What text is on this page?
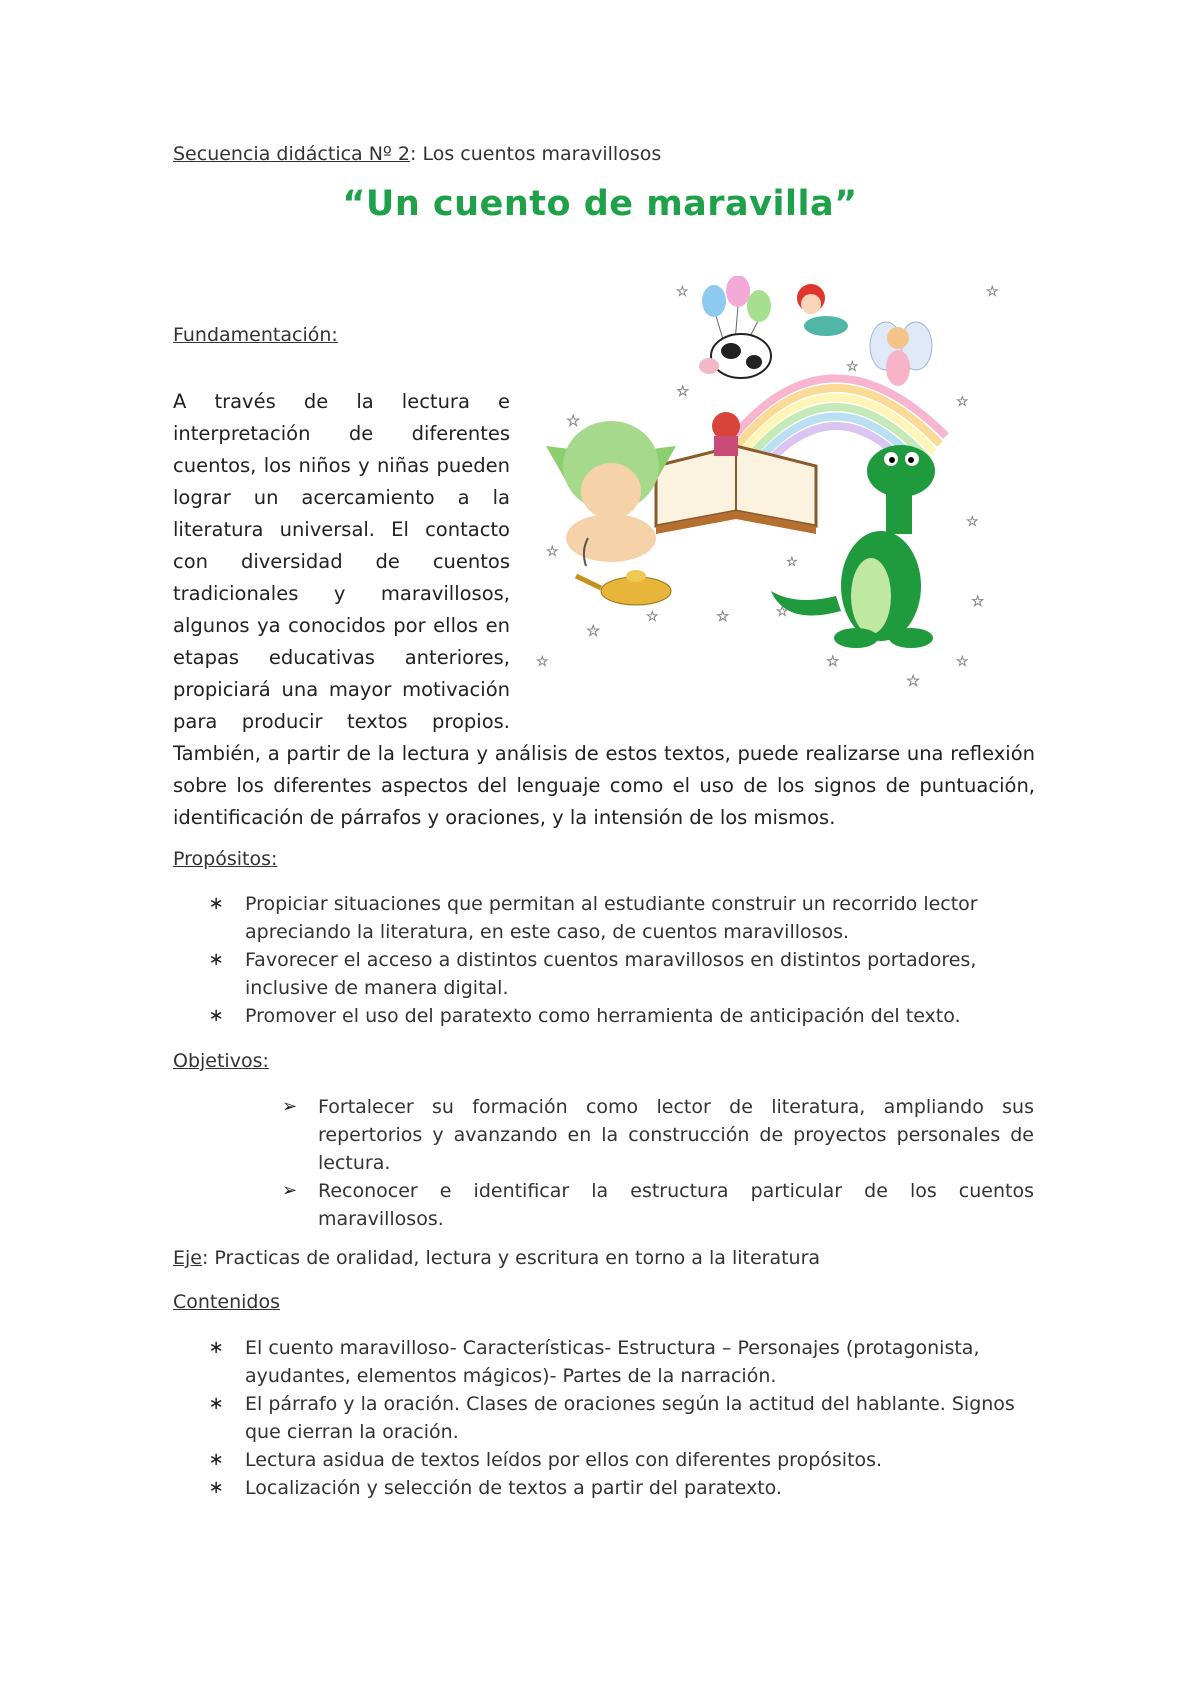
Secuencia didáctica Nº 2: Los cuentos maravillosos
“Un cuento de maravilla”
Fundamentación:
A través de la lectura e interpretación de diferentes cuentos, los niños y niñas pueden lograr un acercamiento a la literatura universal. El contacto con diversidad de cuentos tradicionales y maravillosos, algunos ya conocidos por ellos en etapas educativas anteriores, propiciará una mayor motivación para producir textos propios.
También, a partir de la lectura y análisis de estos textos, puede realizarse una reflexión sobre los diferentes aspectos del lenguaje como el uso de los signos de puntuación, identificación de párrafos y oraciones, y la intensión de los mismos.
☆
☆
☆
☆
☆
☆	☆	☆
☆
☆
☆
☆
☆
☆
☆
☆
☆
☆
Propósitos:
∗ Propiciar situaciones que permitan al estudiante construir un recorrido lector apreciando la literatura, en este caso, de cuentos maravillosos.
∗ Favorecer el acceso a distintos cuentos maravillosos en distintos portadores, inclusive de manera digital.
∗ Promover el uso del paratexto como herramienta de anticipación del texto.
Objetivos:
➢	Fortalecer su formación como lector de literatura, ampliando sus repertorios y avanzando en la construcción de proyectos personales de lectura.
➢	Reconocer e identificar la estructura particular de los cuentos maravillosos.
Eje: Practicas de oralidad, lectura y escritura en torno a la literatura
Contenidos
∗ El cuento maravilloso- Características- Estructura – Personajes (protagonista, ayudantes, elementos mágicos)- Partes de la narración.
∗ El párrafo y la oración. Clases de oraciones según la actitud del hablante. Signos que cierran la oración.
∗ Lectura asidua de textos leídos por ellos con diferentes propósitos.
∗ Localización y selección de textos a partir del paratexto.
